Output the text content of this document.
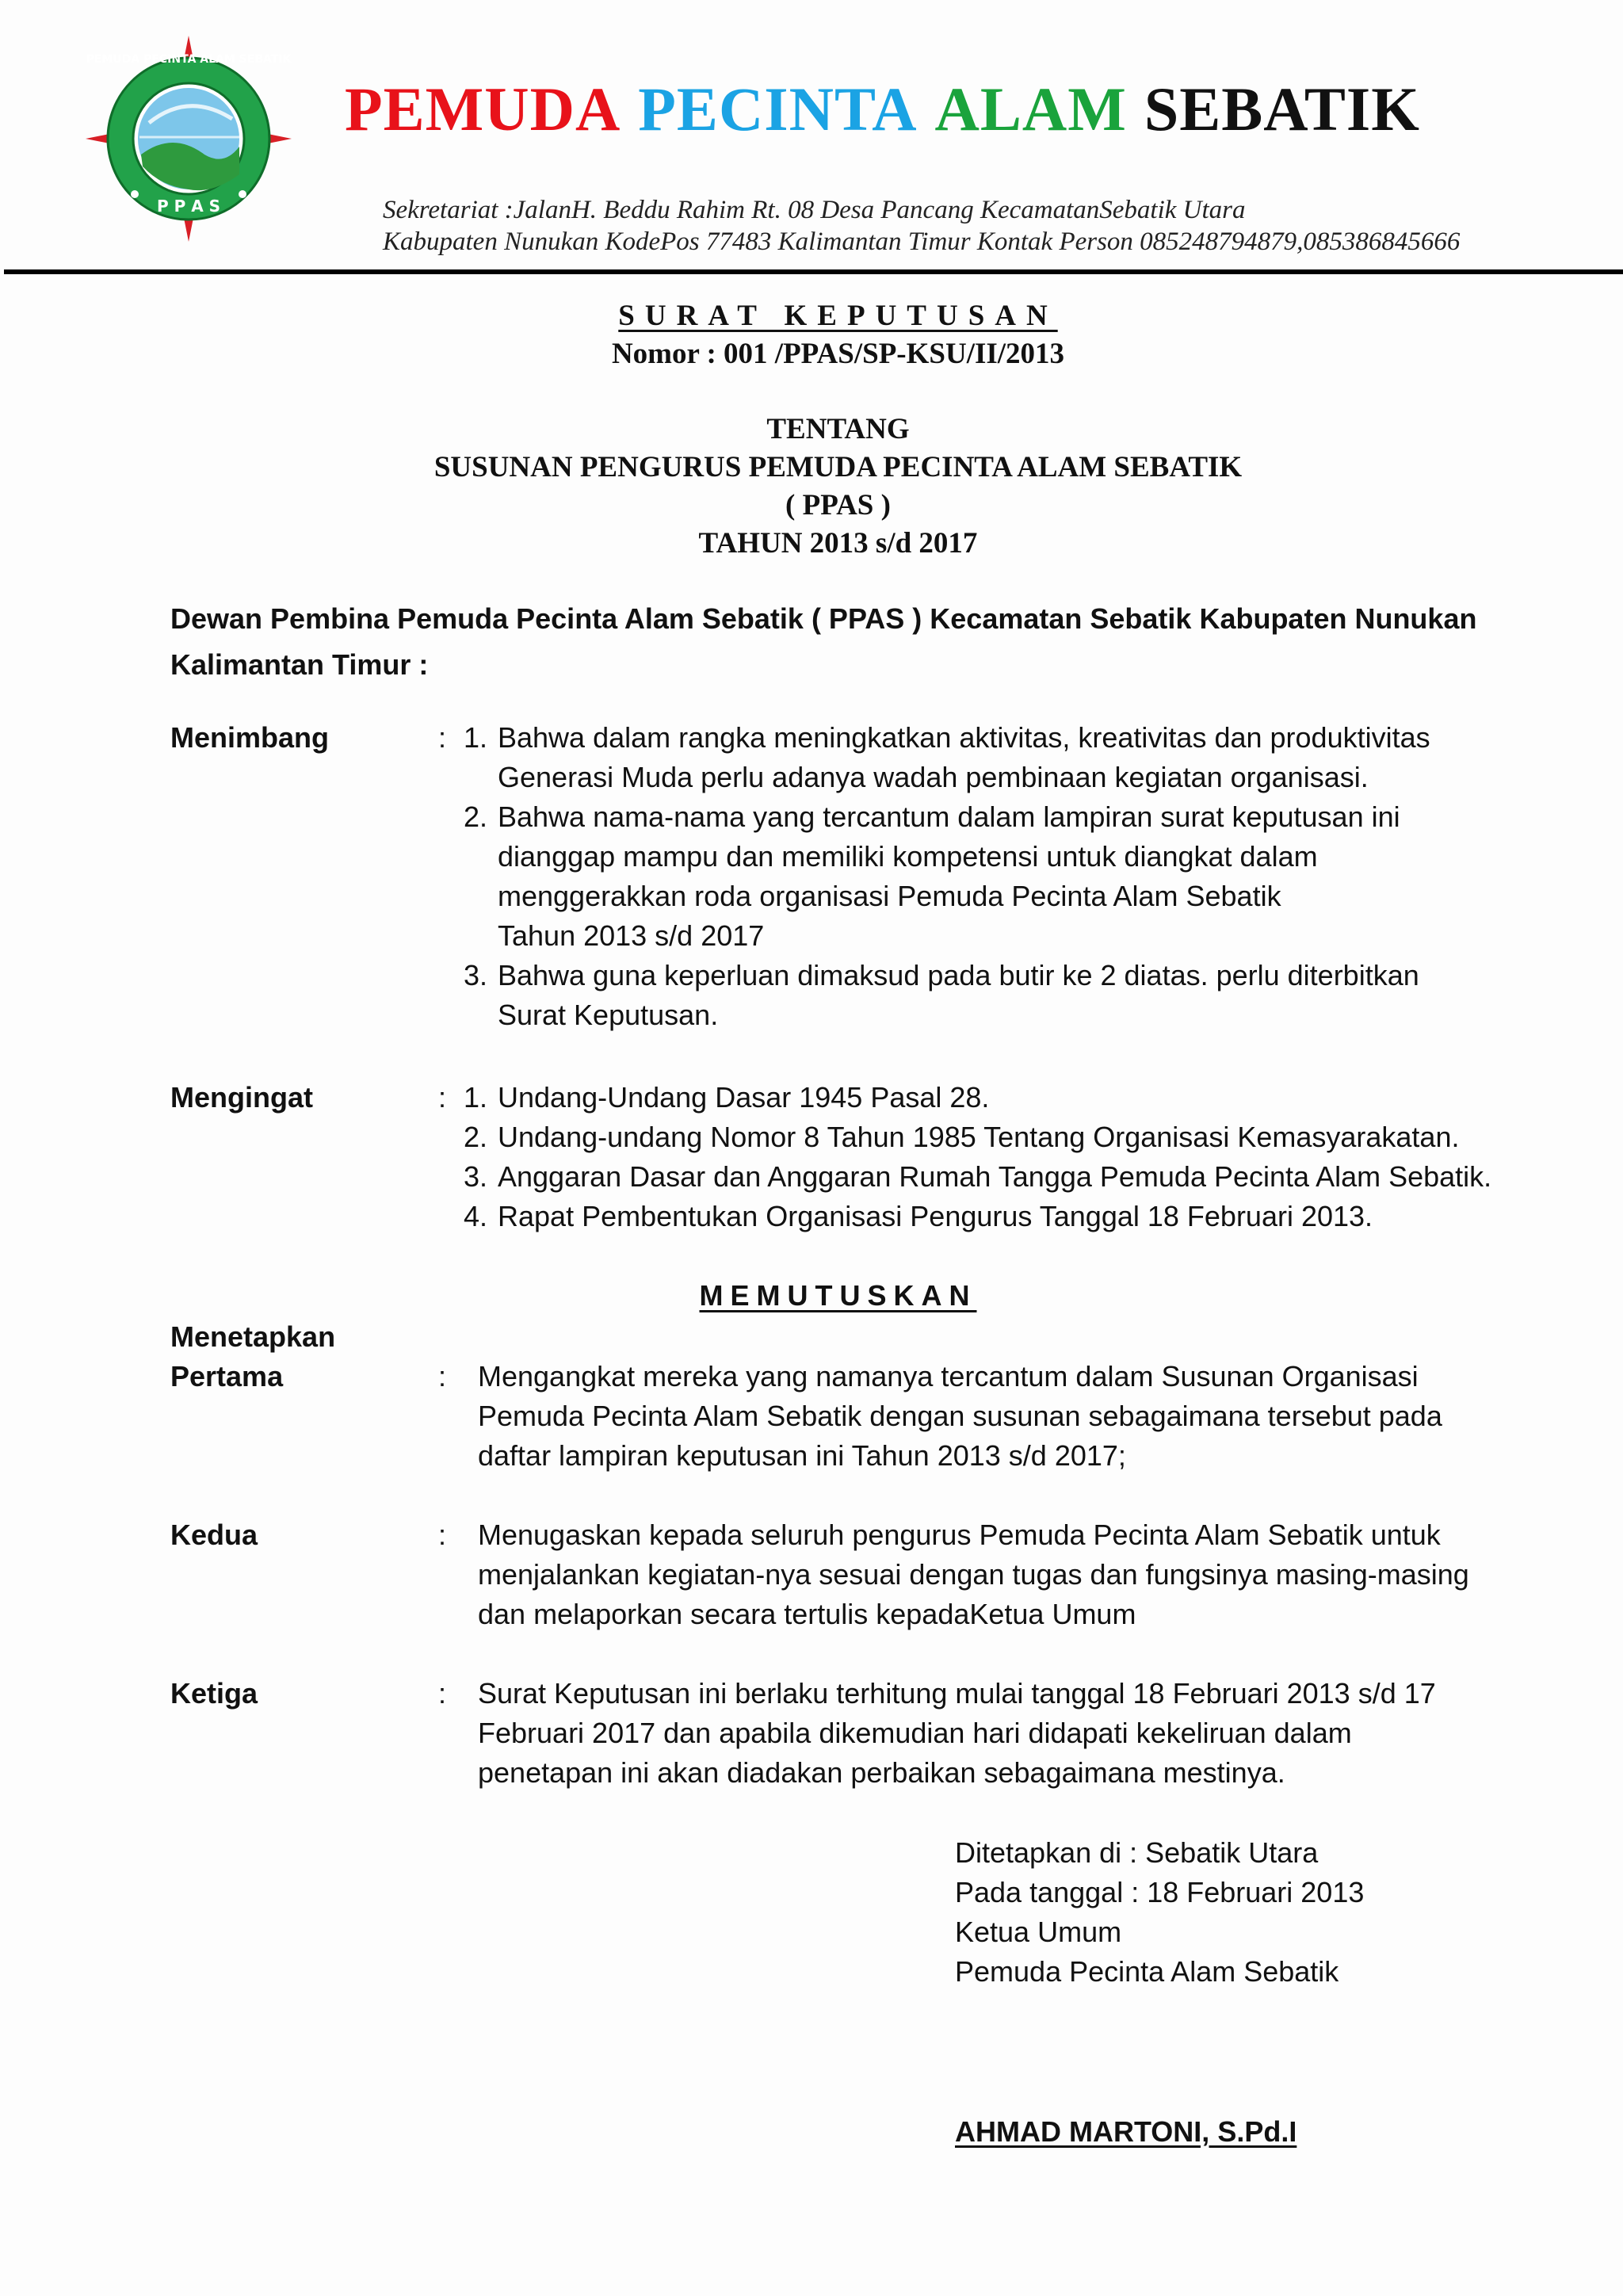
PEMUDA PECINTA ALAM SEBATIK
P P A S
PEMUDA PECINTA ALAM SEBATIK
Sekretariat :JalanH. Beddu Rahim Rt. 08 Desa Pancang KecamatanSebatik Utara
Kabupaten Nunukan KodePos 77483 Kalimantan Timur Kontak Person 085248794879,085386845666
SURAT KEPUTUSAN
Nomor : 001 /PPAS/SP-KSU/II/2013
TENTANG
SUSUNAN PENGURUS PEMUDA PECINTA ALAM SEBATIK
( PPAS )
TAHUN 2013 s/d 2017
Dewan Pembina Pemuda Pecinta Alam Sebatik ( PPAS ) Kecamatan Sebatik Kabupaten Nunukan
Kalimantan Timur :
Menimbang	: 1. Bahwa dalam rangka meningkatkan aktivitas, kreativitas dan produktivitas
Generasi Muda perlu adanya wadah pembinaan kegiatan organisasi.
2. Bahwa nama-nama yang tercantum dalam lampiran surat keputusan ini
dianggap mampu dan memiliki kompetensi untuk diangkat dalam
menggerakkan roda organisasi Pemuda Pecinta Alam Sebatik
Tahun 2013 s/d 2017
3. Bahwa guna keperluan dimaksud pada butir ke 2 diatas. perlu diterbitkan
Surat Keputusan.
Mengingat	: 1. Undang-Undang Dasar 1945 Pasal 28.
2. Undang-undang Nomor 8 Tahun 1985 Tentang Organisasi Kemasyarakatan.
3. Anggaran Dasar dan Anggaran Rumah Tangga Pemuda Pecinta Alam Sebatik.
4. Rapat Pembentukan Organisasi Pengurus Tanggal 18 Februari 2013.
MEMUTUSKAN
Menetapkan
Pertama	: Mengangkat mereka yang namanya tercantum dalam Susunan Organisasi
Pemuda Pecinta Alam Sebatik dengan susunan sebagaimana tersebut pada
daftar lampiran keputusan ini Tahun 2013 s/d 2017;
Kedua	: Menugaskan kepada seluruh pengurus Pemuda Pecinta Alam Sebatik untuk
menjalankan kegiatan-nya sesuai dengan tugas dan fungsinya masing-masing
dan melaporkan secara tertulis kepadaKetua Umum
Ketiga	: Surat Keputusan ini berlaku terhitung mulai tanggal 18 Februari 2013 s/d 17
Februari 2017 dan apabila dikemudian hari didapati kekeliruan dalam
penetapan ini akan diadakan perbaikan sebagaimana mestinya.
Ditetapkan di : Sebatik Utara
Pada tanggal : 18 Februari 2013
Ketua Umum
Pemuda Pecinta Alam Sebatik
AHMAD MARTONI, S.Pd.I
